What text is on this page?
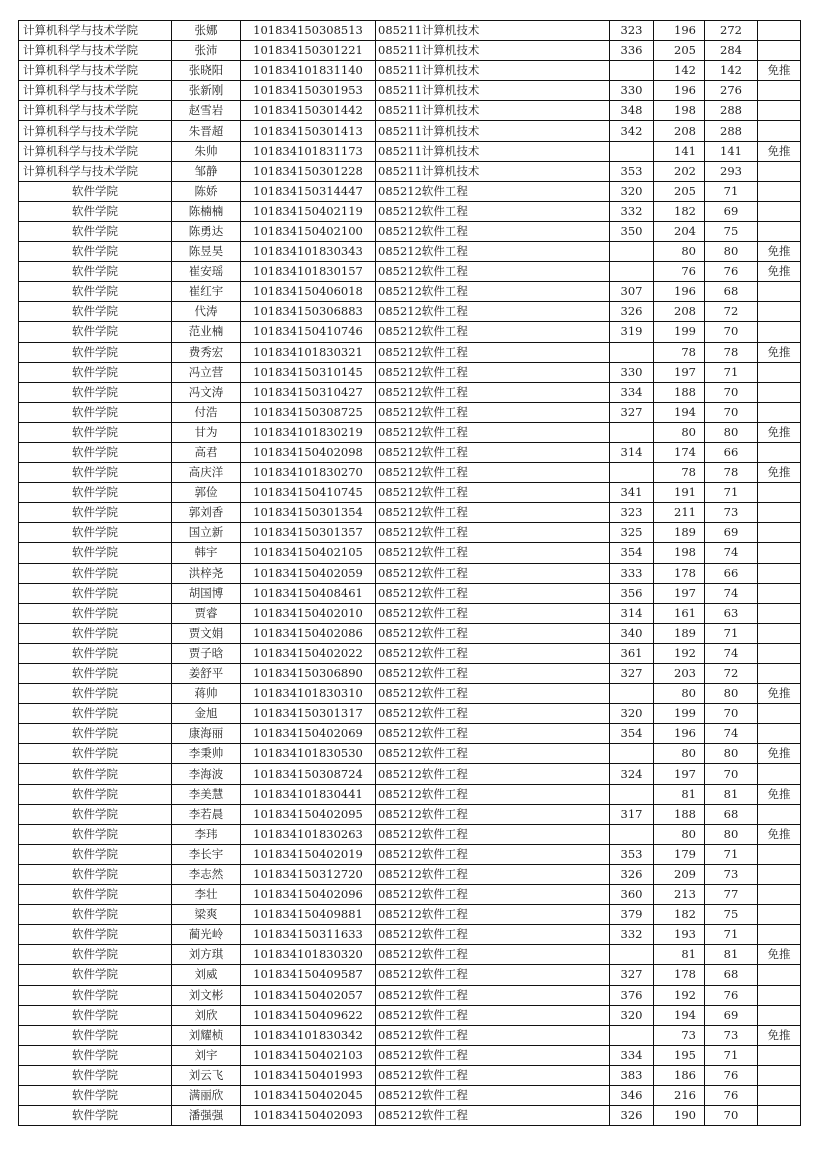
计算机科学与技术学院	张娜	101834150308513	085211计算机技术	323	196	272	
计算机科学与技术学院	张沛	101834150301221	085211计算机技术	336	205	284	
计算机科学与技术学院	张晓阳	101834101831140	085211计算机技术		142	142	免推
计算机科学与技术学院	张新刚	101834150301953	085211计算机技术	330	196	276	
计算机科学与技术学院	赵雪岩	101834150301442	085211计算机技术	348	198	288	
计算机科学与技术学院	朱晋超	101834150301413	085211计算机技术	342	208	288	
计算机科学与技术学院	朱帅	101834101831173	085211计算机技术		141	141	免推
计算机科学与技术学院	邹静	101834150301228	085211计算机技术	353	202	293	
软件学院	陈娇	101834150314447	085212软件工程	320	205	71	
软件学院	陈楠楠	101834150402119	085212软件工程	332	182	69	
软件学院	陈勇达	101834150402100	085212软件工程	350	204	75	
软件学院	陈昱昊	101834101830343	085212软件工程		80	80	免推
软件学院	崔安瑶	101834101830157	085212软件工程		76	76	免推
软件学院	崔红宇	101834150406018	085212软件工程	307	196	68	
软件学院	代涛	101834150306883	085212软件工程	326	208	72	
软件学院	范业楠	101834150410746	085212软件工程	319	199	70	
软件学院	费秀宏	101834101830321	085212软件工程		78	78	免推
软件学院	冯立营	101834150310145	085212软件工程	330	197	71	
软件学院	冯文涛	101834150310427	085212软件工程	334	188	70	
软件学院	付浩	101834150308725	085212软件工程	327	194	70	
软件学院	甘为	101834101830219	085212软件工程		80	80	免推
软件学院	高君	101834150402098	085212软件工程	314	174	66	
软件学院	高庆洋	101834101830270	085212软件工程		78	78	免推
软件学院	郭俭	101834150410745	085212软件工程	341	191	71	
软件学院	郭刘香	101834150301354	085212软件工程	323	211	73	
软件学院	国立新	101834150301357	085212软件工程	325	189	69	
软件学院	韩宇	101834150402105	085212软件工程	354	198	74	
软件学院	洪梓尧	101834150402059	085212软件工程	333	178	66	
软件学院	胡国博	101834150408461	085212软件工程	356	197	74	
软件学院	贾睿	101834150402010	085212软件工程	314	161	63	
软件学院	贾文娟	101834150402086	085212软件工程	340	189	71	
软件学院	贾子晗	101834150402022	085212软件工程	361	192	74	
软件学院	姜舒平	101834150306890	085212软件工程	327	203	72	
软件学院	蒋帅	101834101830310	085212软件工程		80	80	免推
软件学院	金旭	101834150301317	085212软件工程	320	199	70	
软件学院	康海丽	101834150402069	085212软件工程	354	196	74	
软件学院	李秉帅	101834101830530	085212软件工程		80	80	免推
软件学院	李海波	101834150308724	085212软件工程	324	197	70	
软件学院	李美慧	101834101830441	085212软件工程		81	81	免推
软件学院	李若晨	101834150402095	085212软件工程	317	188	68	
软件学院	李玮	101834101830263	085212软件工程		80	80	免推
软件学院	李长宇	101834150402019	085212软件工程	353	179	71	
软件学院	李志然	101834150312720	085212软件工程	326	209	73	
软件学院	李壮	101834150402096	085212软件工程	360	213	77	
软件学院	梁爽	101834150409881	085212软件工程	379	182	75	
软件学院	蔺光岭	101834150311633	085212软件工程	332	193	71	
软件学院	刘方琪	101834101830320	085212软件工程		81	81	免推
软件学院	刘威	101834150409587	085212软件工程	327	178	68	
软件学院	刘文彬	101834150402057	085212软件工程	376	192	76	
软件学院	刘欣	101834150409622	085212软件工程	320	194	69	
软件学院	刘耀桢	101834101830342	085212软件工程		73	73	免推
软件学院	刘宇	101834150402103	085212软件工程	334	195	71	
软件学院	刘云飞	101834150401993	085212软件工程	383	186	76	
软件学院	满丽欣	101834150402045	085212软件工程	346	216	76	
软件学院	潘强强	101834150402093	085212软件工程	326	190	70	
